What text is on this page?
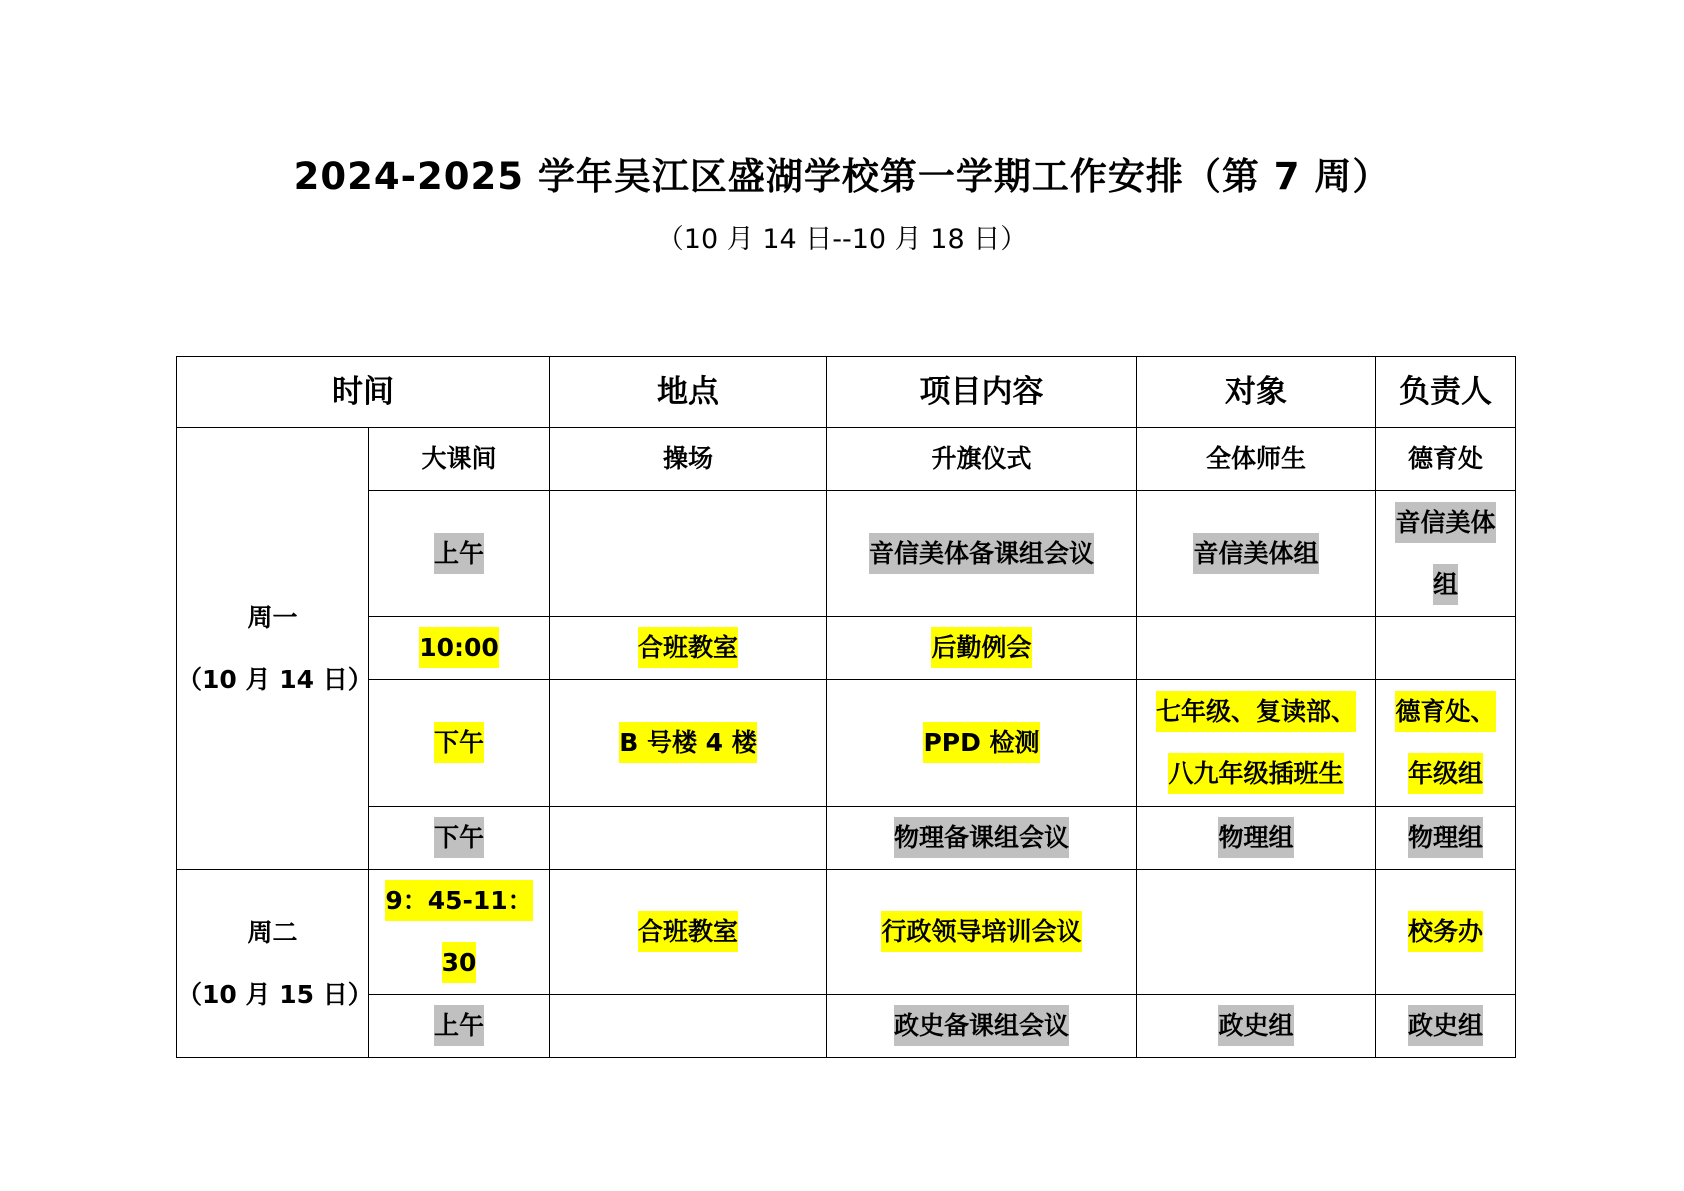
2024-2025 学年吴江区盛湖学校第一学期工作安排（第 7 周）
（10 月 14 日--10 月 18 日）
时间		地点	项目内容	对象	负责人

周一
（10 月 14 日）	大课间	操场	升旗仪式	全体师生	德育处
	上午		音信美体备课组会议	音信美体组	音信美体
组

	10:00	合班教室	后勤例会		
	下午	B 号楼 4 楼	PPD 检测	七年级、复读部、
八九年级插班生	德育处、
年级组

	下午		物理备课组会议	物理组	物理组

周二
（10 月 15 日）	9：45-11：30	合班教室	行政领导培训会议		校务办
	上午		政史备课组会议	政史组	政史组
